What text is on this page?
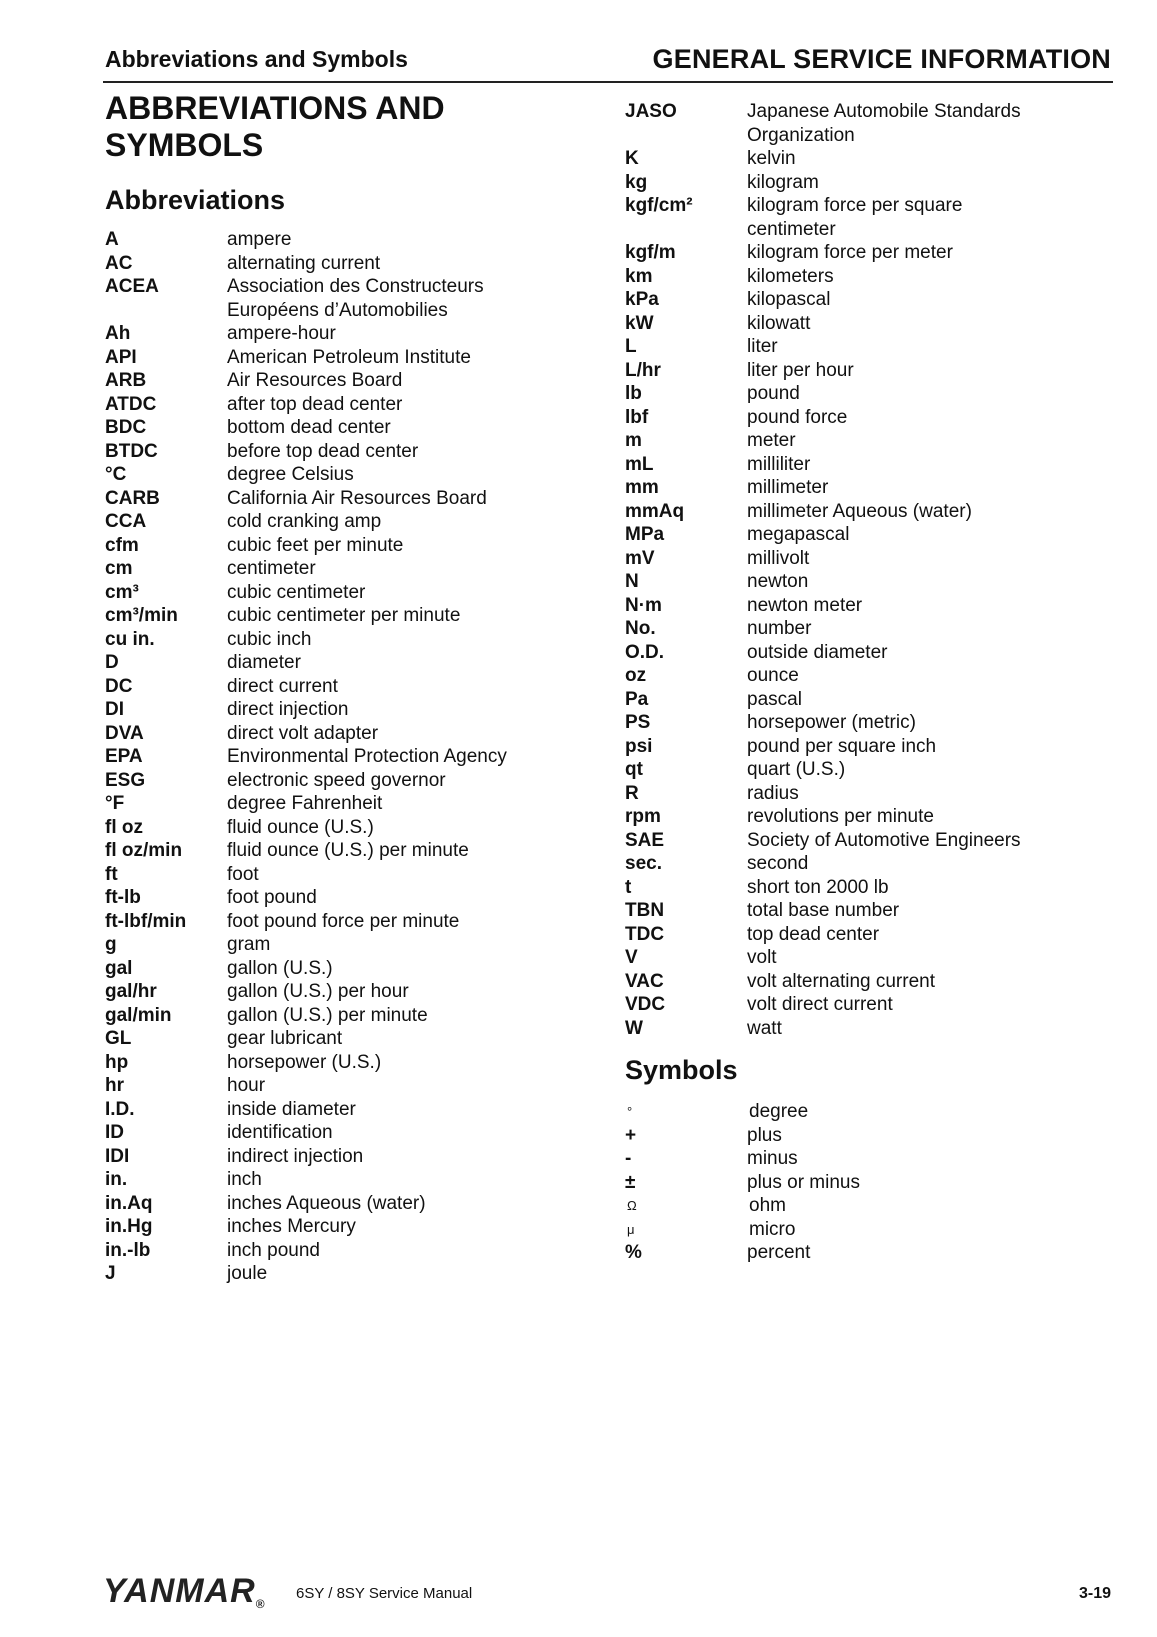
Abbreviations and Symbols	GENERAL SERVICE INFORMATION
ABBREVIATIONS AND
SYMBOLS
Abbreviations
A	ampere
AC	alternating current
ACEA	Association des Constructeurs
Européens d’Automobilies
Ah	ampere-hour
API	American Petroleum Institute
ARB	Air Resources Board
ATDC	after top dead center
BDC	bottom dead center
BTDC	before top dead center
°C	degree Celsius
CARB	California Air Resources Board
CCA	cold cranking amp
cfm	cubic feet per minute
cm	centimeter
cm³	cubic centimeter
cm³/min	cubic centimeter per minute
cu in.	cubic inch
D	diameter
DC	direct current
DI	direct injection
DVA	direct volt adapter
EPA	Environmental Protection Agency
ESG	electronic speed governor
°F	degree Fahrenheit
fl oz	fluid ounce (U.S.)
fl oz/min	fluid ounce (U.S.) per minute
ft	foot
ft-lb	foot pound
ft-lbf/min	foot pound force per minute
g	gram
gal	gallon (U.S.)
gal/hr	gallon (U.S.) per hour
gal/min	gallon (U.S.) per minute
GL	gear lubricant
hp	horsepower (U.S.)
hr	hour
I.D.	inside diameter
ID	identification
IDI	indirect injection
in.	inch
in.Aq	inches Aqueous (water)
in.Hg	inches Mercury
in.-lb	inch pound
J	joule
JASO	Japanese Automobile Standards
Organization
K	kelvin
kg	kilogram
kgf/cm²	kilogram force per square
centimeter
kgf/m	kilogram force per meter
km	kilometers
kPa	kilopascal
kW	kilowatt
L	liter
L/hr	liter per hour
lb	pound
lbf	pound force
m	meter
mL	milliliter
mm	millimeter
mmAq	millimeter Aqueous (water)
MPa	megapascal
mV	millivolt
N	newton
N·m	newton meter
No.	number
O.D.	outside diameter
oz	ounce
Pa	pascal
PS	horsepower (metric)
psi	pound per square inch
qt	quart (U.S.)
R	radius
rpm	revolutions per minute
SAE	Society of Automotive Engineers
sec.	second
t	short ton 2000 lb
TBN	total base number
TDC	top dead center
V	volt
VAC	volt alternating current
VDC	volt direct current
W	watt
Symbols
°	degree
+	plus
-	minus
±	plus or minus
Ω	ohm
μ	micro
%	percent
YANMAR®
6SY / 8SY Service Manual	3-19
